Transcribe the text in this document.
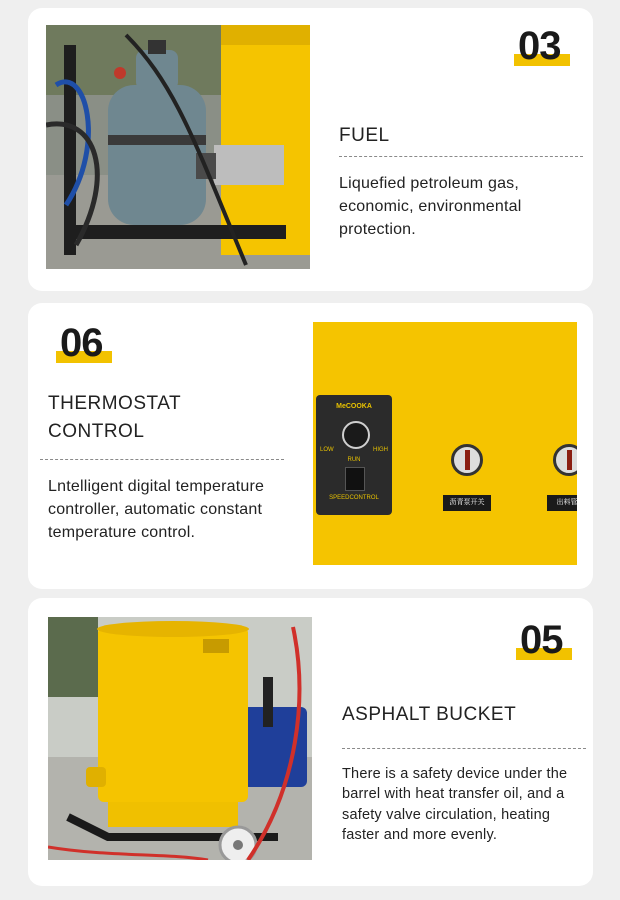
03
FUEL
Liquefied petroleum gas, economic, environmental protection.
06
THERMOSTAT CONTROL
Lntelligent digital temperature controller, automatic constant temperature control.
MeCOOKA
LOW	HIGH
RUN
SPEEDCONTROL
沥青泵开关	出料管
05
ASPHALT BUCKET
There is a safety device under the barrel with heat transfer oil, and a safety valve circulation, heating faster and more evenly.
